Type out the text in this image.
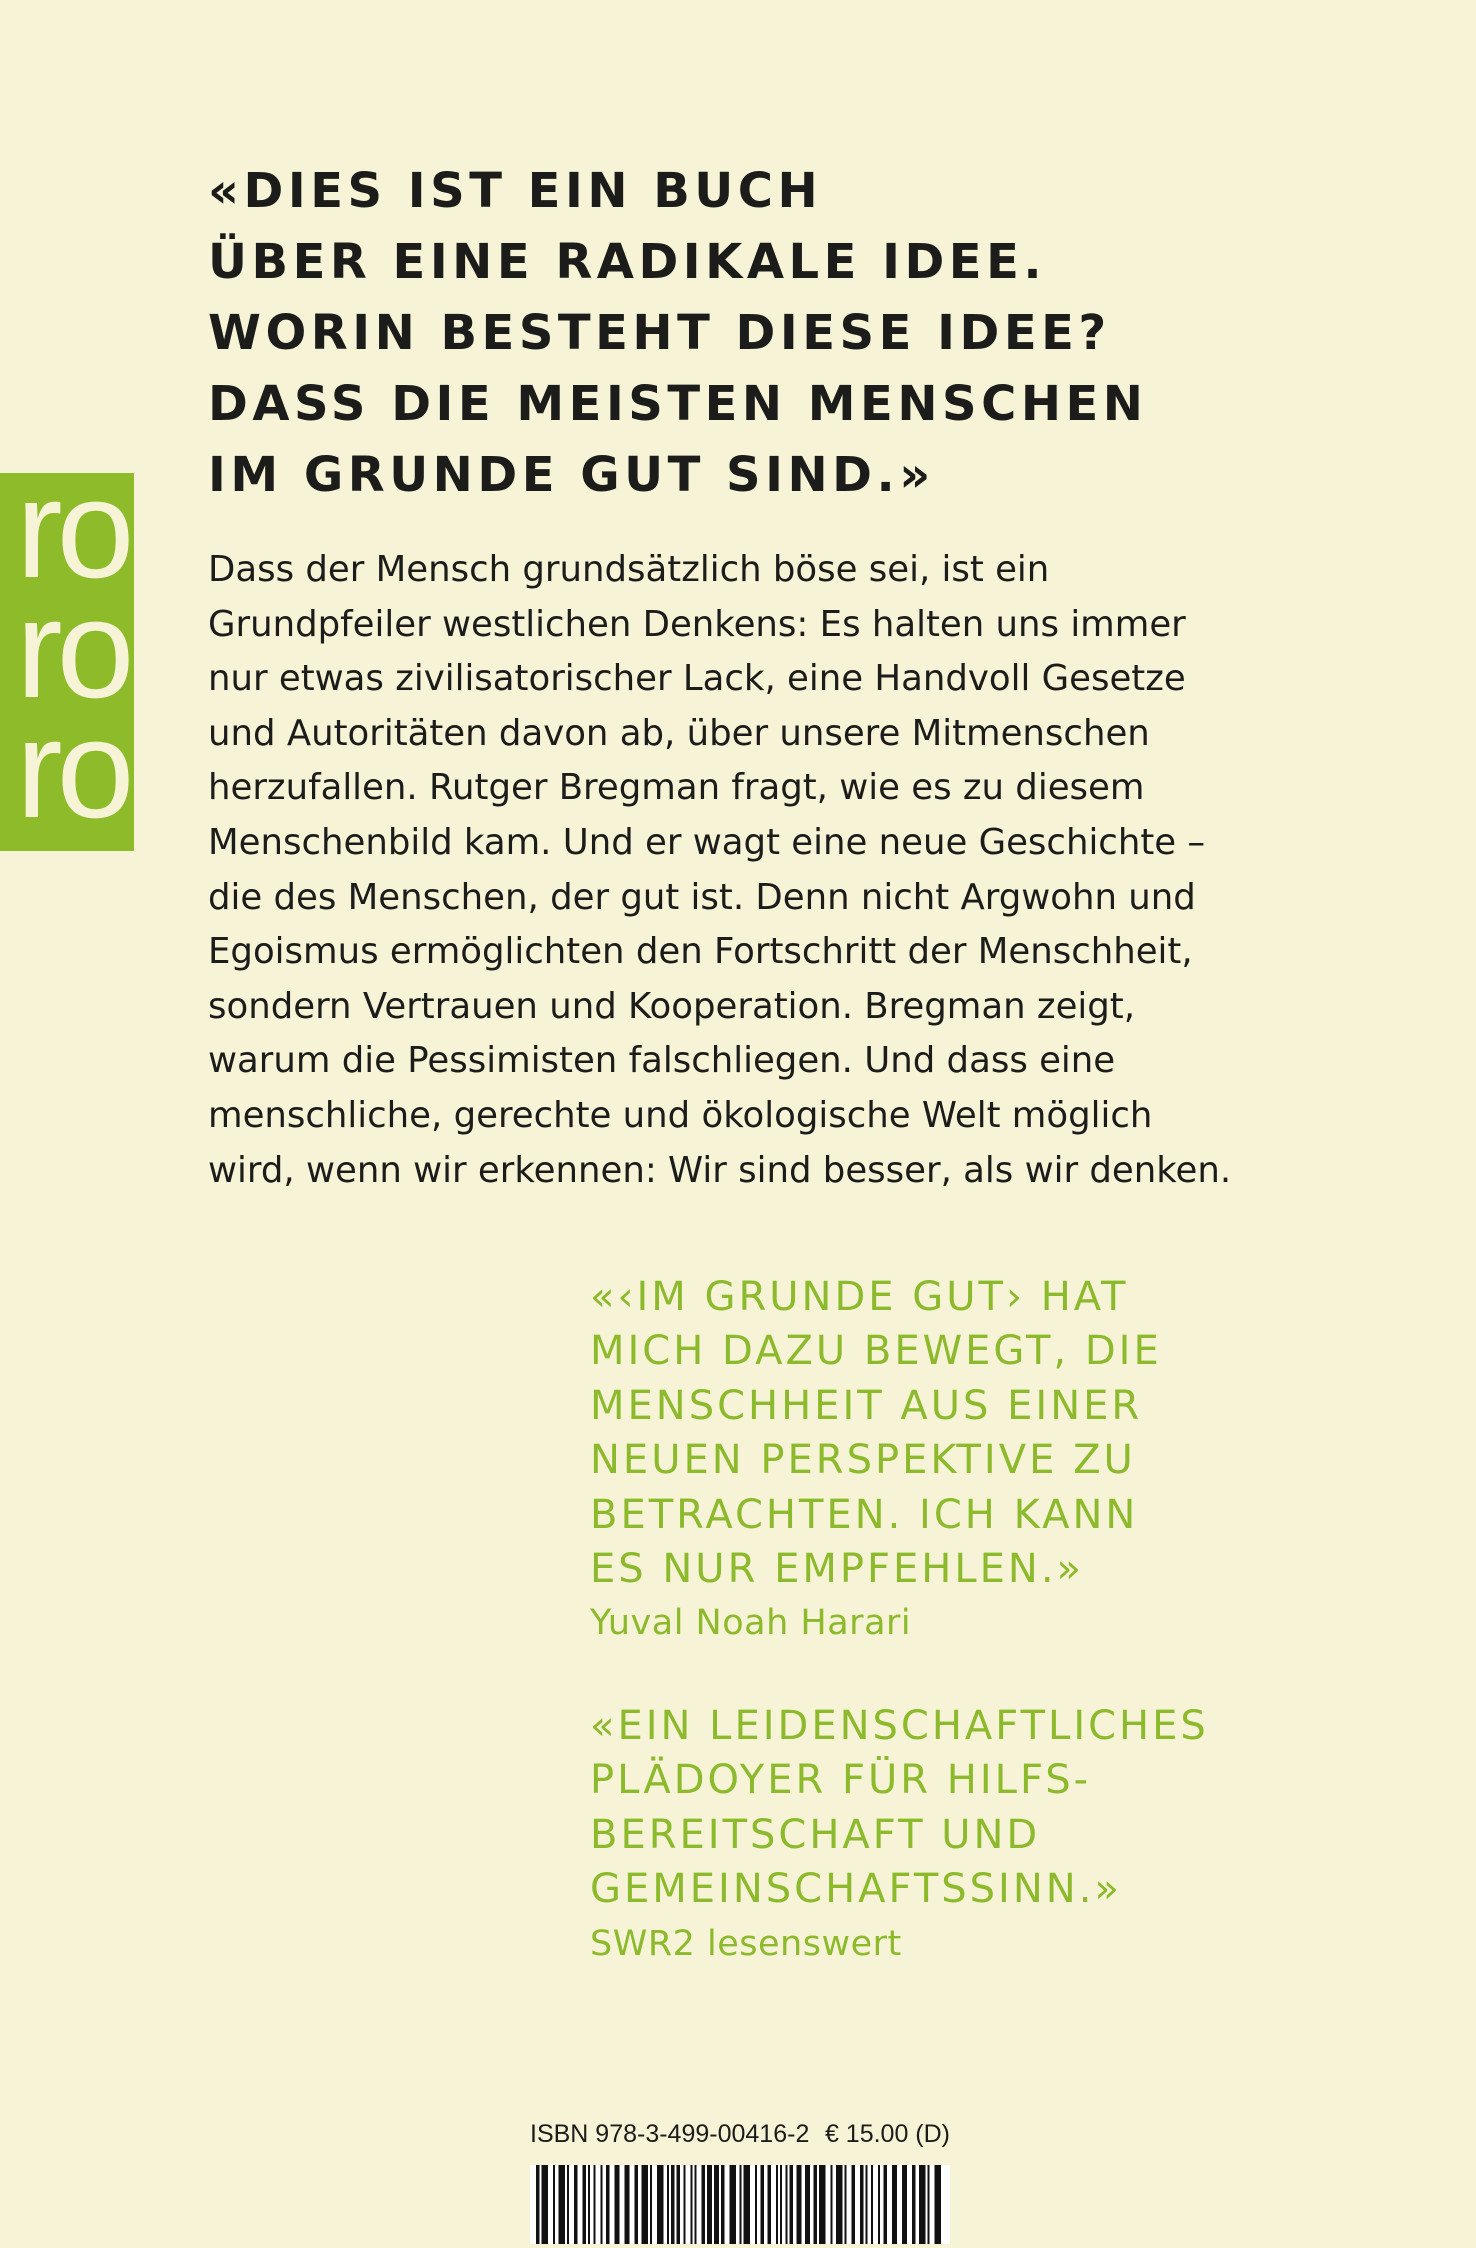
«DIES IST EIN BUCH
ÜBER EINE RADIKALE IDEE.
WORIN BESTEHT DIESE IDEE?
DASS DIE MEISTEN MENSCHEN
IM GRUNDE GUT SIND.»
ro
ro
ro
Dass der Mensch grundsätzlich böse sei, ist ein
Grundpfeiler westlichen Denkens: Es halten uns immer
nur etwas zivilisatorischer Lack, eine Handvoll Gesetze
und Autoritäten davon ab, über unsere Mitmenschen
herzufallen. Rutger Bregman fragt, wie es zu diesem
Menschenbild kam. Und er wagt eine neue Geschichte –
die des Menschen, der gut ist. Denn nicht Argwohn und
Egoismus ermöglichten den Fortschritt der Menschheit,
sondern Vertrauen und Kooperation. Bregman zeigt,
warum die Pessimisten falschliegen. Und dass eine
menschliche, gerechte und ökologische Welt möglich
wird, wenn wir erkennen: Wir sind besser, als wir denken.
«‹IM GRUNDE GUT› HAT
MICH DAZU BEWEGT, DIE
MENSCHHEIT AUS EINER
NEUEN PERSPEKTIVE ZU
BETRACHTEN. ICH KANN
ES NUR EMPFEHLEN.»
Yuval Noah Harari
«EIN LEIDENSCHAFTLICHES
PLÄDOYER FÜR HILFS-
BEREITSCHAFT UND
GEMEINSCHAFTSSINN.»
SWR2 lesenswert
ISBN 978-3-499-00416-2 € 15.00 (D)
